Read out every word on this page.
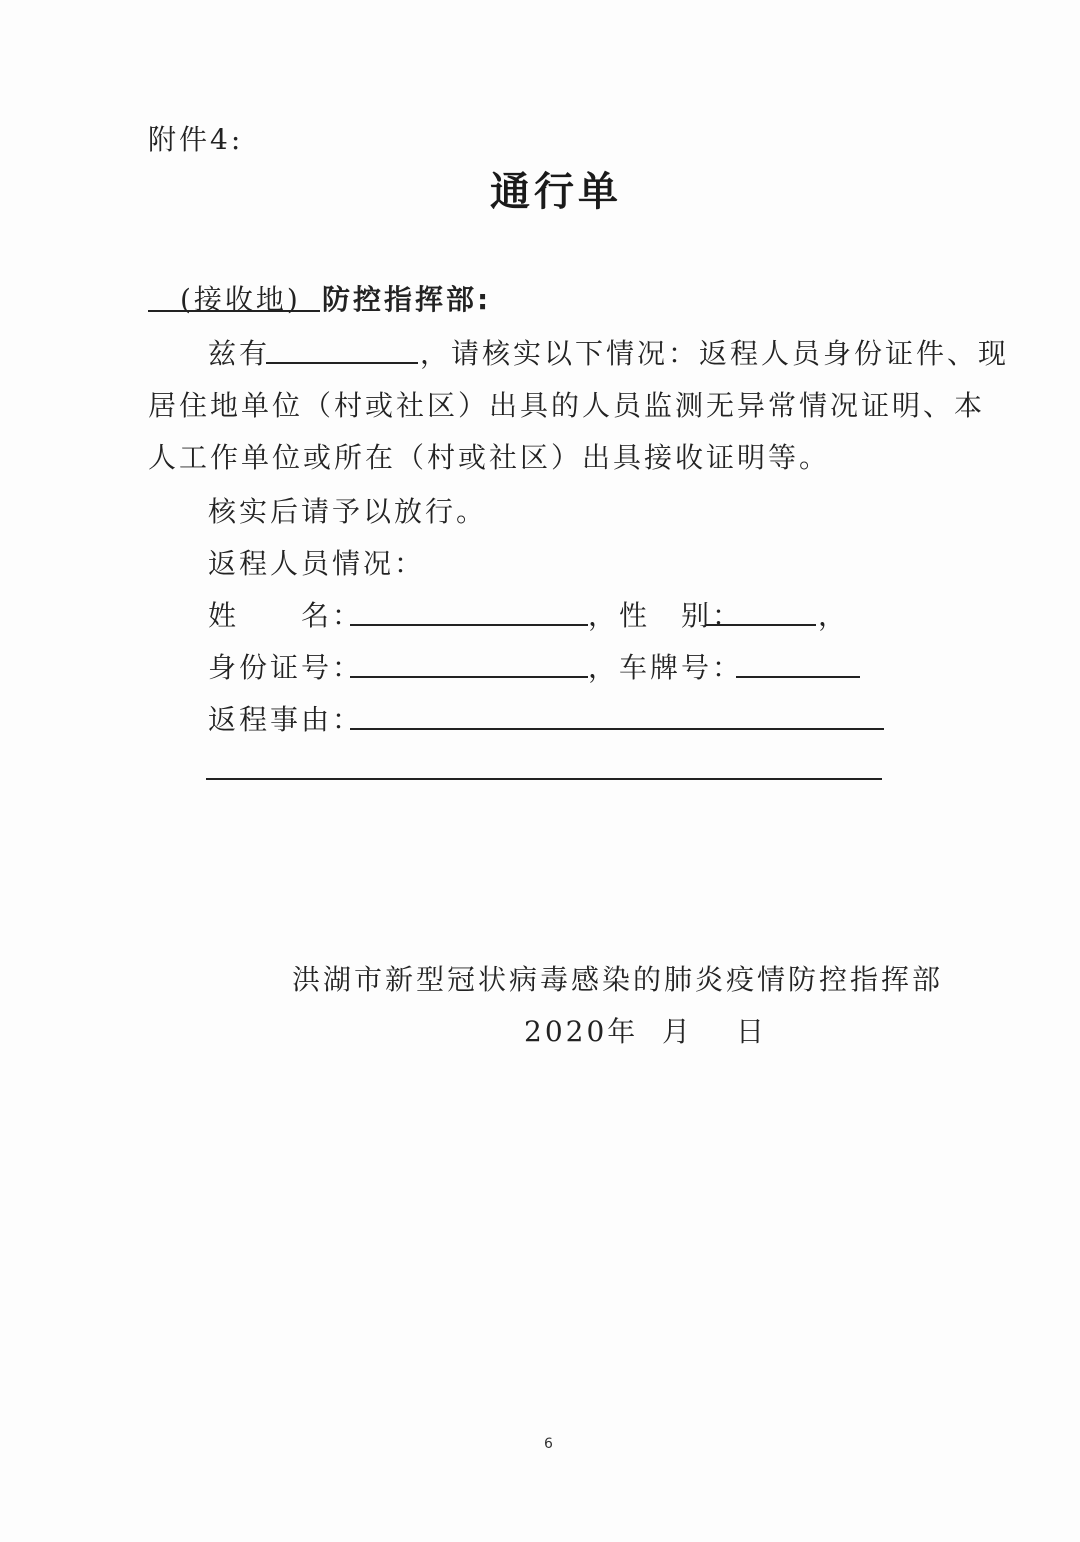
附件4:
通行单
(接收地) 防控指挥部:
兹有	，请核实以下情况：返程人员身份证件、现
居住地单位（村或社区）出具的人员监测无异常情况证明、本
人工作单位或所在（村或社区）出具接收证明等。
核实后请予以放行。
返程人员情况：
姓　　名：	，性　别：	，
身份证号：	，车牌号：
返程事由：
洪湖市新型冠状病毒感染的肺炎疫情防控指挥部
2020年 月 日
6
